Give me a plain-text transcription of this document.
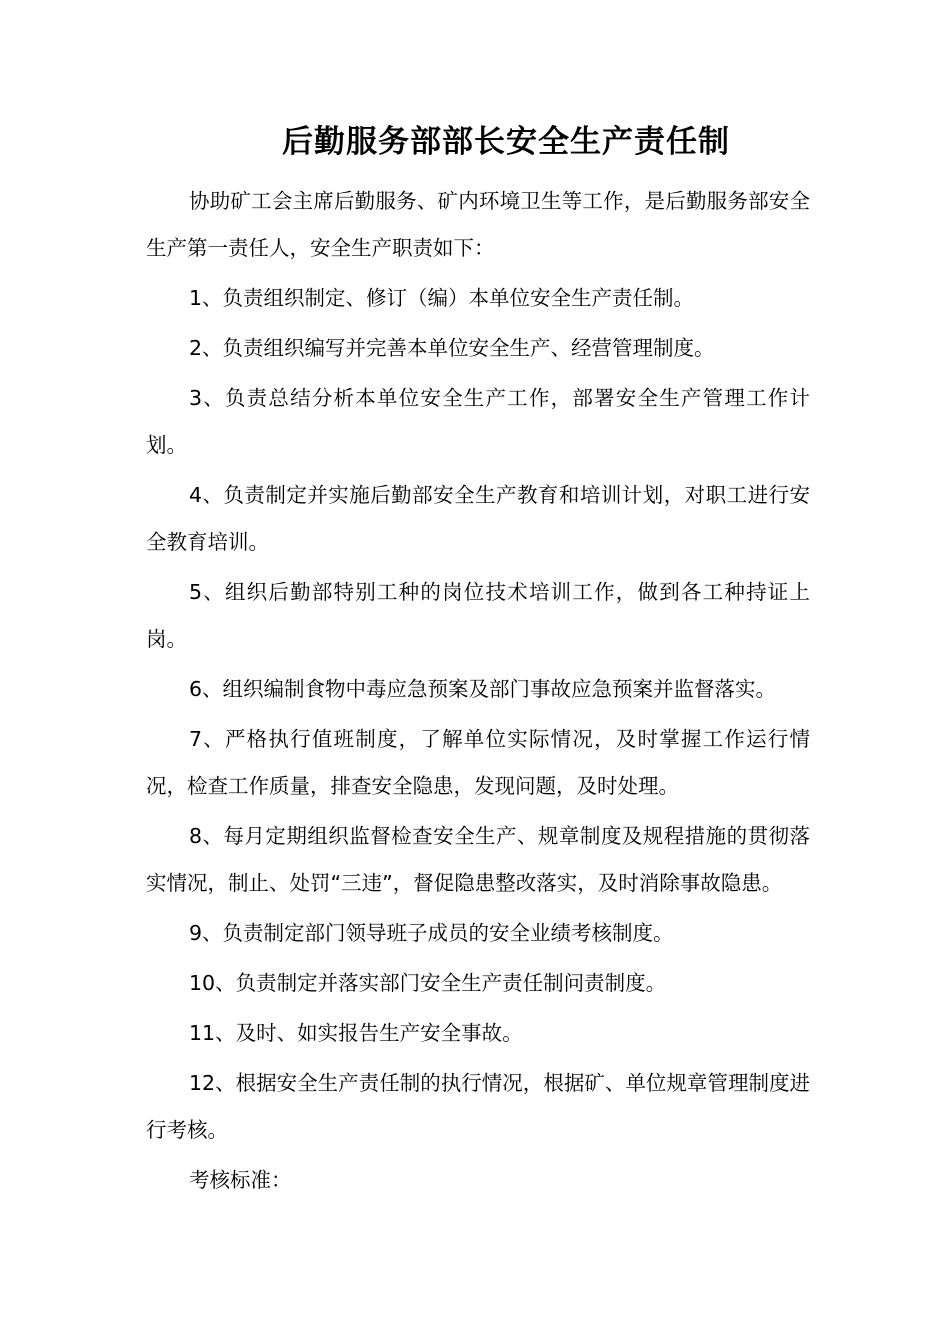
后勤服务部部长安全生产责任制

协助矿工会主席后勤服务、矿内环境卫生等工作，是后勤服务部安全生产第一责任人，安全生产职责如下：

1、负责组织制定、修订（编）本单位安全生产责任制。

2、负责组织编写并完善本单位安全生产、经营管理制度。

3、负责总结分析本单位安全生产工作，部署安全生产管理工作计划。

4、负责制定并实施后勤部安全生产教育和培训计划，对职工进行安全教育培训。

5、组织后勤部特别工种的岗位技术培训工作，做到各工种持证上岗。

6、组织编制食物中毒应急预案及部门事故应急预案并监督落实。

7、严格执行值班制度，了解单位实际情况，及时掌握工作运行情况，检查工作质量，排查安全隐患，发现问题，及时处理。

8、每月定期组织监督检查安全生产、规章制度及规程措施的贯彻落实情况，制止、处罚“三违”，督促隐患整改落实，及时消除事故隐患。

9、负责制定部门领导班子成员的安全业绩考核制度。

10、负责制定并落实部门安全生产责任制问责制度。

11、及时、如实报告生产安全事故。

12、根据安全生产责任制的执行情况，根据矿、单位规章管理制度进行考核。

考核标准：
